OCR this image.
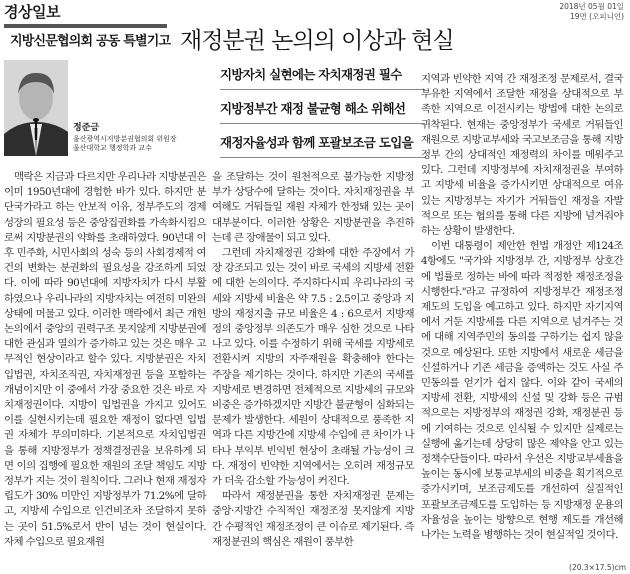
경상일보	2018년 05월 01일
19면 (오피니언)
지방신문협의회 공동 특별기고 재정분권 논의의 이상과 현실
정준금
울산광역시지방분권협의회 위원장
울산대학교 행정학과 교수
지방자치 실현에는 자치재정권 필수
지방정부간 재정 불균형 해소 위해선
재정자율성과 함께 포괄보조금 도입을

맥락은 지금과 다르지만 우리나라 지방분권은 이미 1950년대에 경험한 바가 있다. 하지만 분단국가라고 하는 안보적 이유, 정부주도의 경제성장의 필요성 등은 중앙집권화를 가속화시킴으로써 지방분권의 약화를 초래하였다. 90년대 이후 민주화, 시민사회의 성숙 등의 사회경제적 여건의 변화는 분권화의 필요성을 강조하게 되었다. 이에 따라 90년대에 지방자치가 다시 부활하였으나 우리나라의 지방자치는 여전히 미완의 상태에 머물고 있다. 이러한 맥락에서 최근 개헌논의에서 중앙의 권력구조 못지않게 지방분권에 대한 관심과 열의가 증가하고 있는 것은 매우 고무적인 현상이라고 할수 있다. 지방분권은 자치입법권, 자치조직권, 자치재정권 등을 포함하는 개념이지만 이 중에서 가장 중요한 것은 바로 자치재정권이다. 지방이 입법권을 가지고 있어도 이를 실현시키는데 필요한 재정이 없다면 입법권 자체가 무의미하다. 기본적으로 자치입법권을 통해 지방정부가 정책결정권을 보유하게 되면 이의 집행에 필요한 재원의 조달 책임도 지방정부가 지는 것이 원칙이다. 그러나 현재 재정자립도가 30% 미만인 지방정부가 71.2%에 달하고, 지방세 수입으로 인건비조차 조달하지 못하는 곳이 51.5%로서 반이 넘는 것이 현실이다. 자체 수입으로 필요재원

을 조달하는 것이 원천적으로 불가능한 지방정부가 상당수에 달하는 것이다. 자치재정권을 부여해도 거둬들일 재원 자체가 한정돼 있는 곳이 대부분이다. 이러한 상황은 지방분권을 추진하는데 큰 장애물이 되고 있다.

그런데 자치재정권 강화에 대한 주장에서 가장 강조되고 있는 것이 바로 국세의 지방세 전환에 대한 논의이다. 주지하다시피 우리나라의 국세와 지방세 비율은 약 7.5 : 2.5이고 중앙과 지방의 재정지출 규모 비율은 4 : 6으로서 지방재정의 중앙정부 의존도가 매우 심한 것으로 나타나고 있다. 이를 수정하기 위해 국세를 지방세로 전환시켜 지방의 자주재원을 확충해야 한다는 주장을 제기하는 것이다. 하지만 기존의 국세를 지방세로 변경하면 전체적으로 지방세의 규모와 비중은 증가하겠지만 지방간 불균형이 심화되는 문제가 발생한다. 세원이 상대적으로 풍족한 지역과 다른 지방간에 지방세 수입에 큰 차이가 나타나 부익부 빈익빈 현상이 초래될 가능성이 크다. 재정이 빈약한 지역에서는 오히려 재정규모가 더욱 감소할 가능성이 커진다.

따라서 재정분권을 통한 자치재정권 문제는 중앙·지방간 수직적인 재정조정 못지않게 지방간 수평적인 재정조정이 큰 이슈로 제기된다. 즉 재정분권의 핵심은 재원이 풍부한

지역과 빈약한 지역 간 재정조정 문제로서, 결국 부유한 지역에서 조달한 재정을 상대적으로 부족한 지역으로 이전시키는 방법에 대한 논의로 귀착된다. 현재는 중앙정부가 국세로 거둬들인 재원으로 지방교부세와 국고보조금을 통해 지방정부 간의 상대적인 재정력의 차이를 메워주고 있다. 그런데 지방정부에 자치재정권을 부여하고 지방세 비율을 증가시키면 상대적으로 여유 있는 지방정부는 자기가 거둬들인 재정을 자발적으로 또는 협의를 통해 다른 지방에 넘겨줘야 하는 상황이 발생한다.

이번 대통령이 제안한 헌법 개정안 제124조 4항에도 "국가와 지방정부 간, 지방정부 상호간에 법률로 정하는 바에 따라 적정한 재정조정을 시행한다."라고 규정하여 지방정부간 재정조정제도의 도입을 예고하고 있다. 하지만 자기지역에서 거둔 지방세를 다른 지역으로 넘겨주는 것에 대해 지역주민의 동의를 구하기는 쉽지 않을 것으로 예상된다. 또한 지방에서 새로운 세금을 신설하거나 기존 세금을 증액하는 것도 사실 주민동의를 얻기가 쉽지 않다. 이와 같이 국세의 지방세 전환, 지방세의 신설 및 강화 등은 규범적으로는 지방정부의 재정권 강화, 재정분권 등에 기여하는 것으로 인식될 수 있지만 실제로는 실행에 옮기는데 상당히 많은 제약을 안고 있는 정책수단들이다. 따라서 우선은 지방교부세율을 높이는 동시에 보통교부세의 비중을 획기적으로 증가시키며, 보조금제도를 개선하여 실질적인 포괄보조금제도를 도입하는 등 지방재정 운용의 자율성을 높이는 방향으로 현행 제도를 개선해 나가는 노력을 병행하는 것이 현실적일 것이다.

(20.3×17.5)cm
